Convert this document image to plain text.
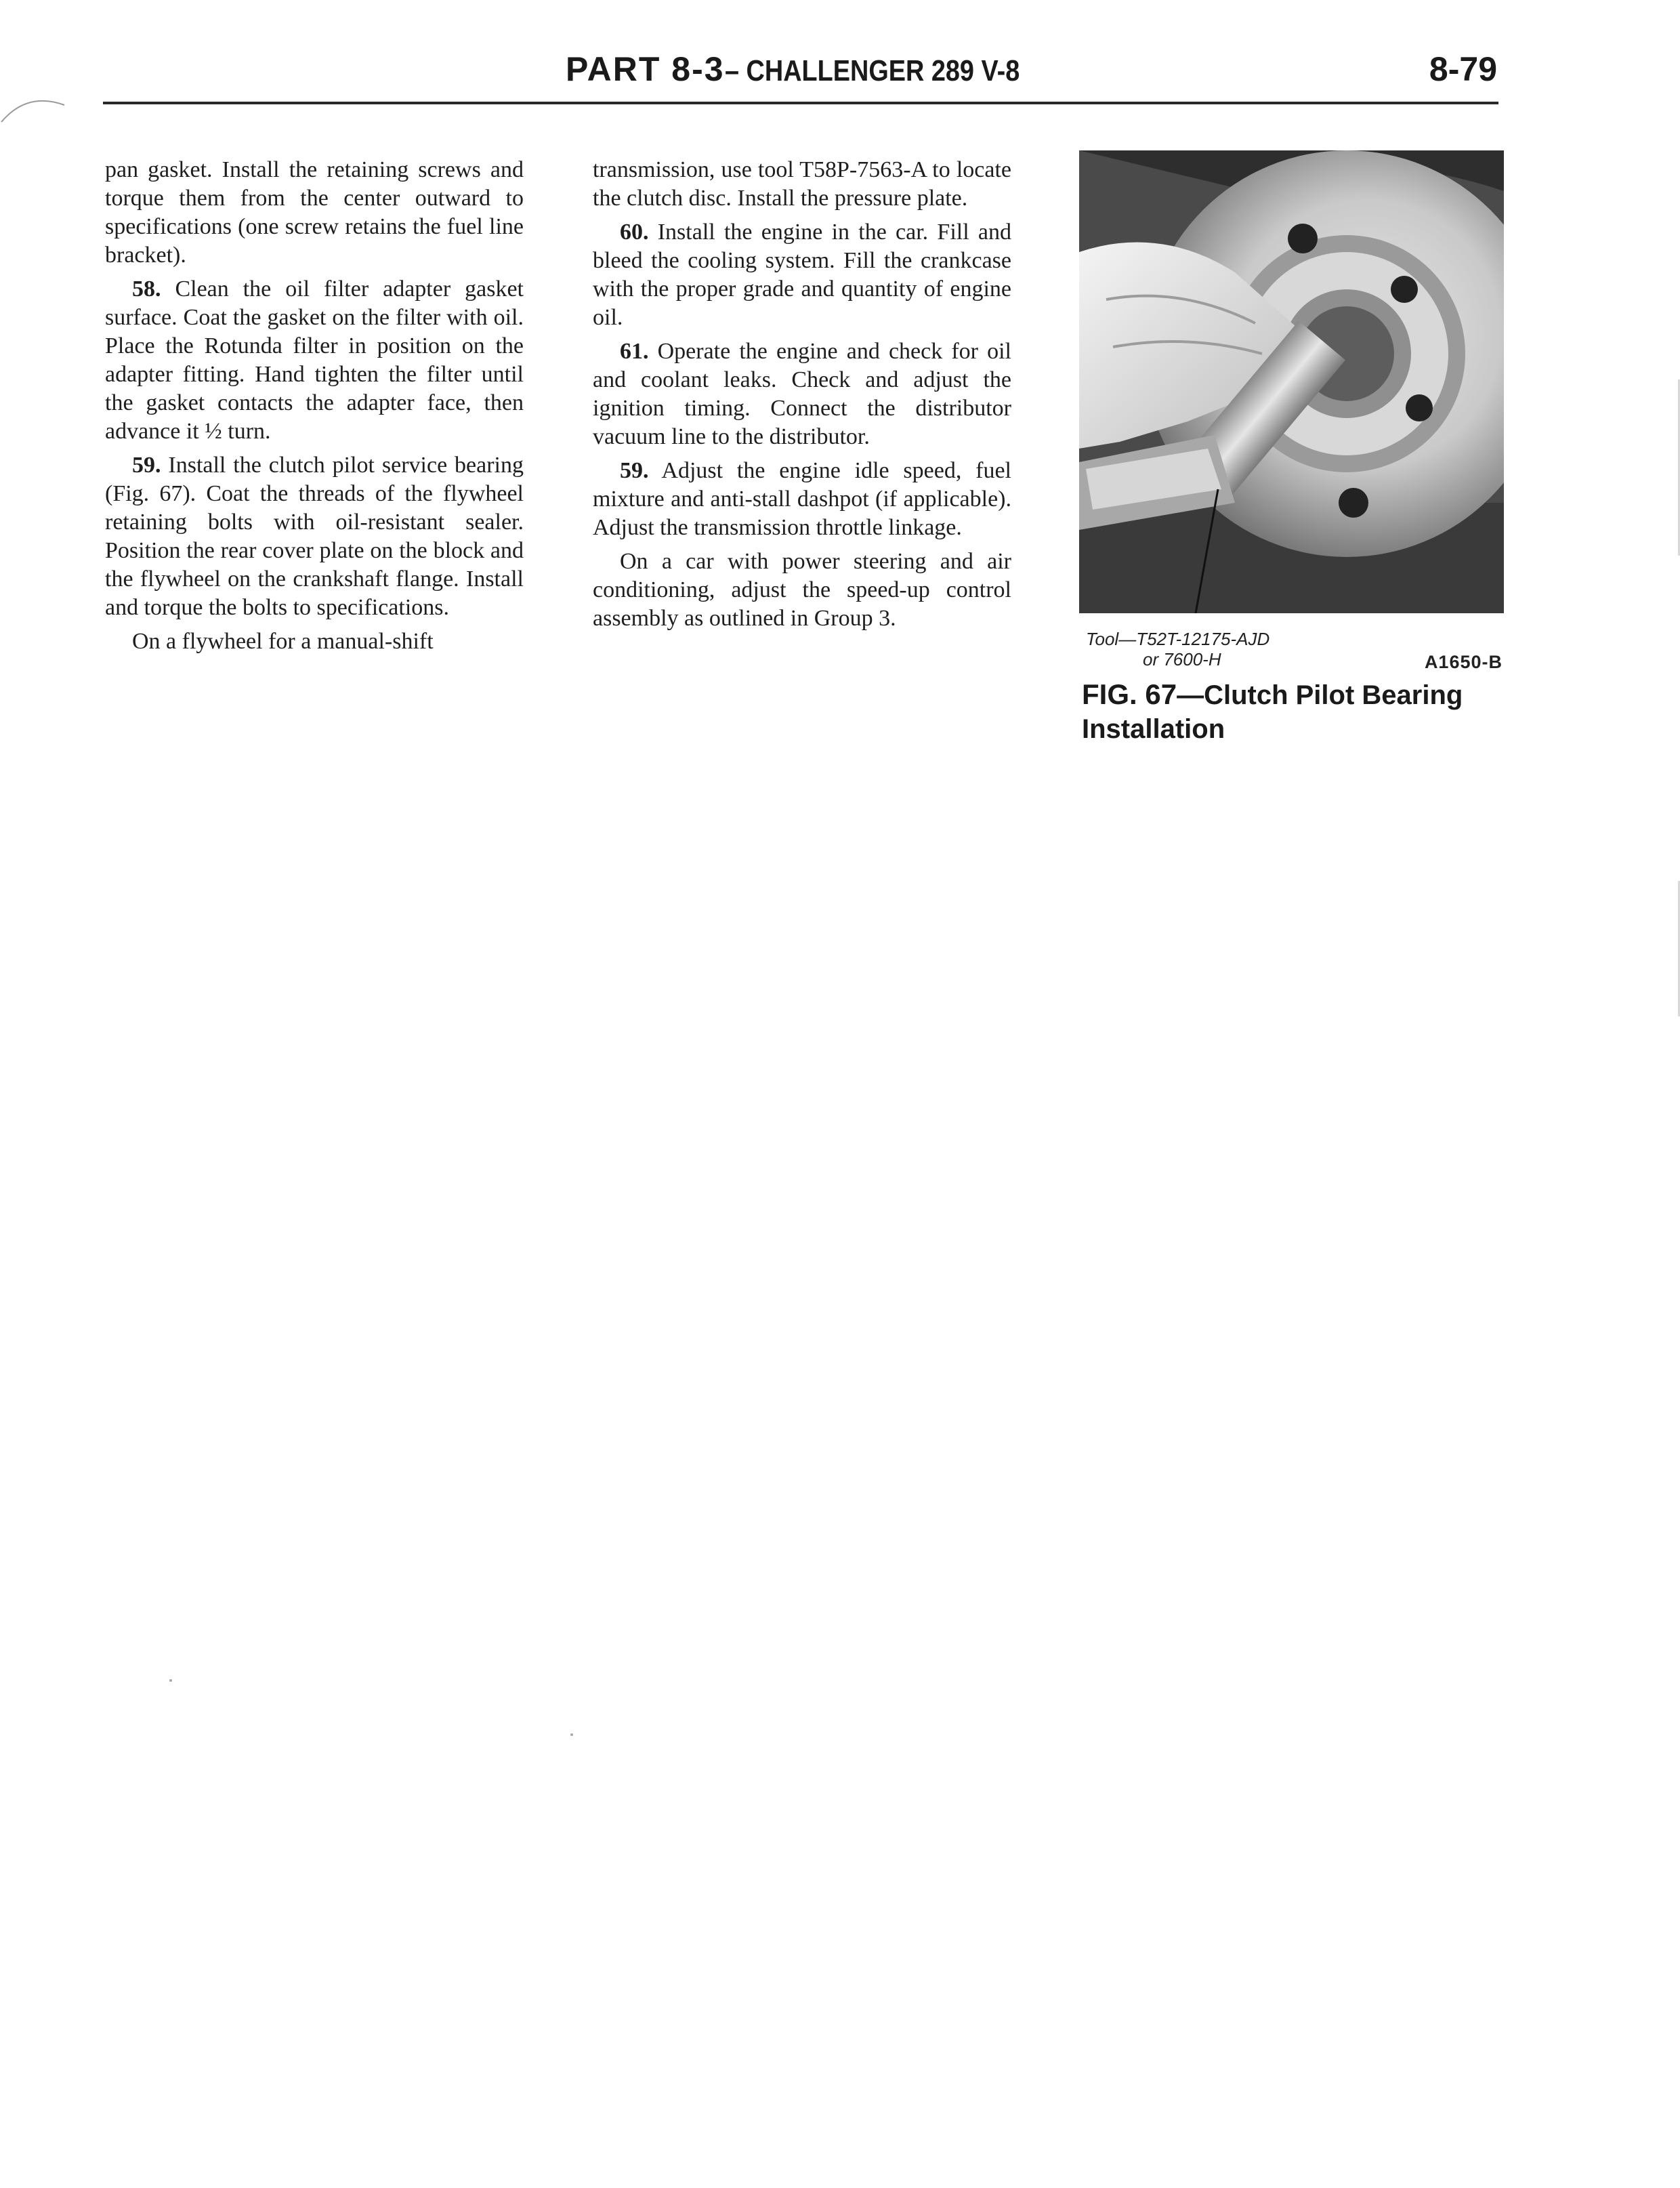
PART 8-3– CHALLENGER 289 V-8	8-79

pan gasket. Install the retaining screws and torque them from the center outward to specifications (one screw retains the fuel line bracket).

58. Clean the oil filter adapter gasket surface. Coat the gasket on the filter with oil. Place the Rotunda filter in position on the adapter fitting. Hand tighten the filter until the gasket contacts the adapter face, then advance it ½ turn.

59. Install the clutch pilot service bearing (Fig. 67). Coat the threads of the flywheel retaining bolts with oil-resistant sealer. Position the rear cover plate on the block and the flywheel on the crankshaft flange. Install and torque the bolts to specifications.

On a flywheel for a manual-shift

transmission, use tool T58P-7563-A to locate the clutch disc. Install the pressure plate.

60. Install the engine in the car. Fill and bleed the cooling system. Fill the crankcase with the proper grade and quantity of engine oil.

61. Operate the engine and check for oil and coolant leaks. Check and adjust the ignition timing. Connect the distributor vacuum line to the distributor.

59. Adjust the engine idle speed, fuel mixture and anti-stall dashpot (if applicable). Adjust the transmission throttle linkage.

On a car with power steering and air conditioning, adjust the speed-up control assembly as outlined in Group 3.

Tool—T52T-12175-AJD
or 7600-H	A1650-B
FIG. 67—Clutch Pilot Bearing Installation
